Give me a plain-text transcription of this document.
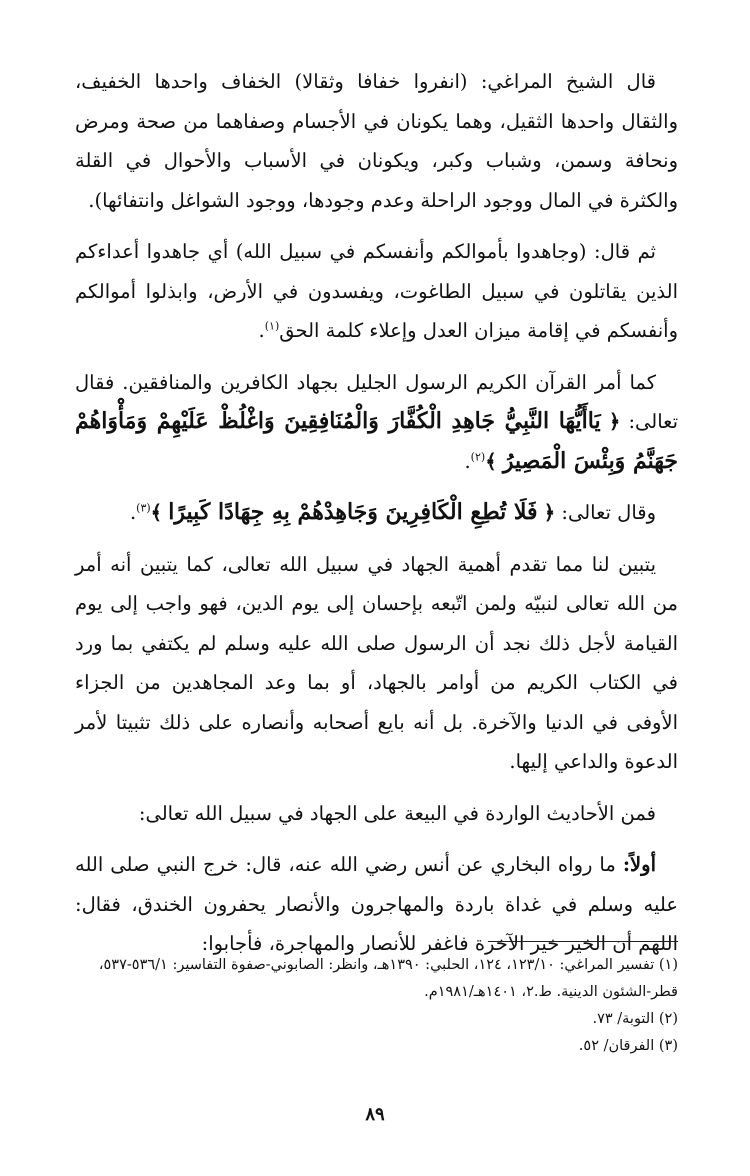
قال الشيخ المراغي: (انفروا خفافا وثقالا) الخفاف واحدها الخفيف، والثقال واحدها الثقيل، وهما يكونان في الأجسام وصفاهما من صحة ومرض ونحافة وسمن، وشباب وكبر، ويكونان في الأسباب والأحوال في القلة والكثرة في المال ووجود الراحلة وعدم وجودها، ووجود الشواغل وانتفائها).

ثم قال: (وجاهدوا بأموالكم وأنفسكم في سبيل الله) أي جاهدوا أعداءكم الذين يقاتلون في سبيل الطاغوت، ويفسدون في الأرض، وابذلوا أموالكم وأنفسكم في إقامة ميزان العدل وإعلاء كلمة الحق$^{(١)}$.

كما أمر القرآن الكريم الرسول الجليل بجهاد الكافرين والمنافقين. فقال تعالى: ﴿ يَاأَيُّهَا النَّبِيُّ جَاهِدِ الْكُفَّارَ وَالْمُنَافِقِينَ وَاغْلُظْ عَلَيْهِمْ وَمَأْوَاهُمْ جَهَنَّمُ وَبِئْسَ الْمَصِيرُ ﴾$^{(٢)}$.

وقال تعالى: ﴿ فَلَا تُطِعِ الْكَافِرِينَ وَجَاهِدْهُمْ بِهِ جِهَادًا كَبِيرًا ﴾$^{(٣)}$.

يتبين لنا مما تقدم أهمية الجهاد في سبيل الله تعالى، كما يتبين أنه أمر من الله تعالى لنبيّه ولمن اتّبعه بإحسان إلى يوم الدين، فهو واجب إلى يوم القيامة لأجل ذلك نجد أن الرسول صلى الله عليه وسلم لم يكتفي بما ورد في الكتاب الكريم من أوامر بالجهاد، أو بما وعد المجاهدين من الجزاء الأوفى في الدنيا والآخرة. بل أنه بايع أصحابه وأنصاره على ذلك تثبيتا لأمر الدعوة والداعي إليها.

فمن الأحاديث الواردة في البيعة على الجهاد في سبيل الله تعالى:

أولاً: ما رواه البخاري عن أنس رضي الله عنه، قال: خرج النبي صلى الله عليه وسلم في غداة باردة والمهاجرون والأنصار يحفرون الخندق، فقال: اللهم أن الخير خير الآخرة فاغفر للأنصار والمهاجرة، فأجابوا:

(١) تفسير المراغي: ١٢٣/١٠، ١٢٤، الحلبي: ١٣٩٠هـ، وانظر: الصابوني-صفوة التفاسير: ٥٣٦/١-٥٣٧، قطر-الشئون الدينية. ط.٢، ١٤٠١هـ/١٩٨١م.
(٢) التوبة/ ٧٣.
(٣) الفرقان/ ٥٢.
٨٩
